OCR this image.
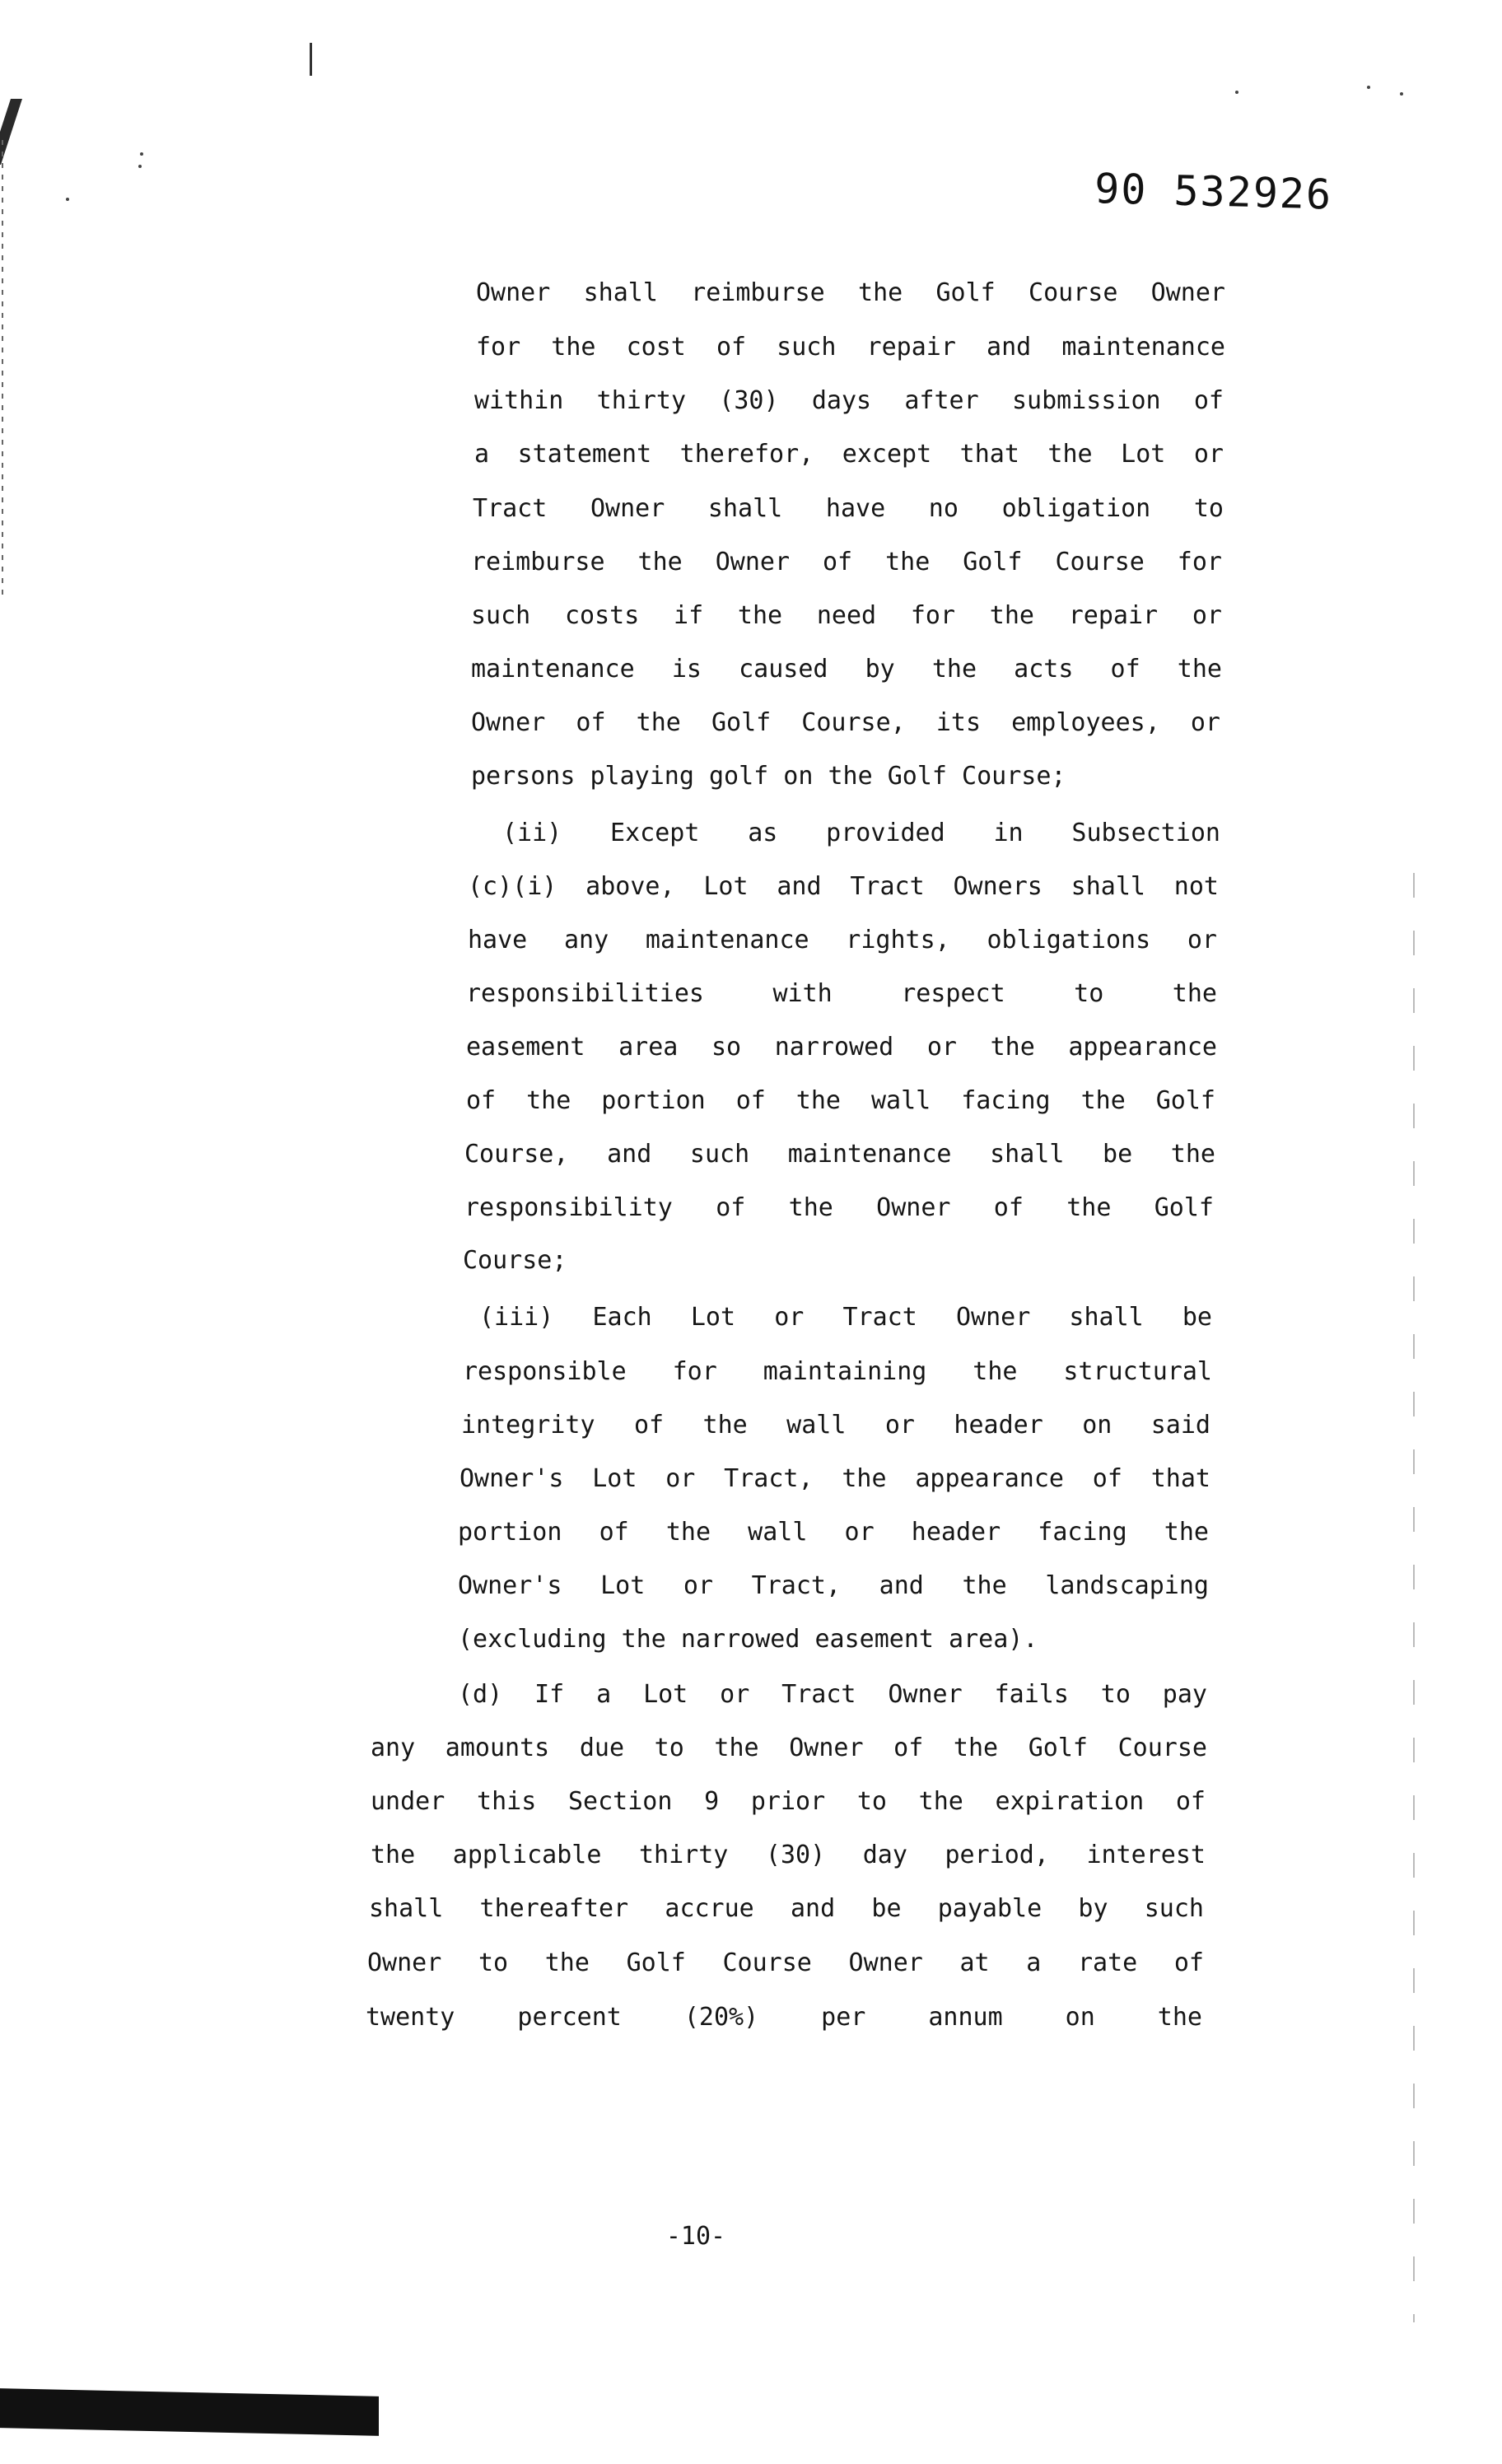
90 532926
Owner shall reimburse the Golf Course Owner
for the cost of such repair and maintenance
within thirty (30) days after submission of
a statement therefor, except that the Lot or
Tract Owner shall have no obligation to
reimburse the Owner of the Golf Course for
such costs if the need for the repair or
maintenance is caused by the acts of the
Owner of the Golf Course, its employees, or
persons playing golf on the Golf Course;
(ii) Except as provided in Subsection
(c)(i) above, Lot and Tract Owners shall not
have any maintenance rights, obligations or
responsibilities with respect to the
easement area so narrowed or the appearance
of the portion of the wall facing the Golf
Course, and such maintenance shall be the
responsibility of the Owner of the Golf
Course;
(iii) Each Lot or Tract Owner shall be
responsible for maintaining the structural
integrity of the wall or header on said
Owner's Lot or Tract, the appearance of that
portion of the wall or header facing the
Owner's Lot or Tract, and the landscaping
(excluding the narrowed easement area).
(d) If a Lot or Tract Owner fails to pay
any amounts due to the Owner of the Golf Course
under this Section 9 prior to the expiration of
the applicable thirty (30) day period, interest
shall thereafter accrue and be payable by such
Owner to the Golf Course Owner at a rate of
twenty percent (20%) per annum on the
-10-
